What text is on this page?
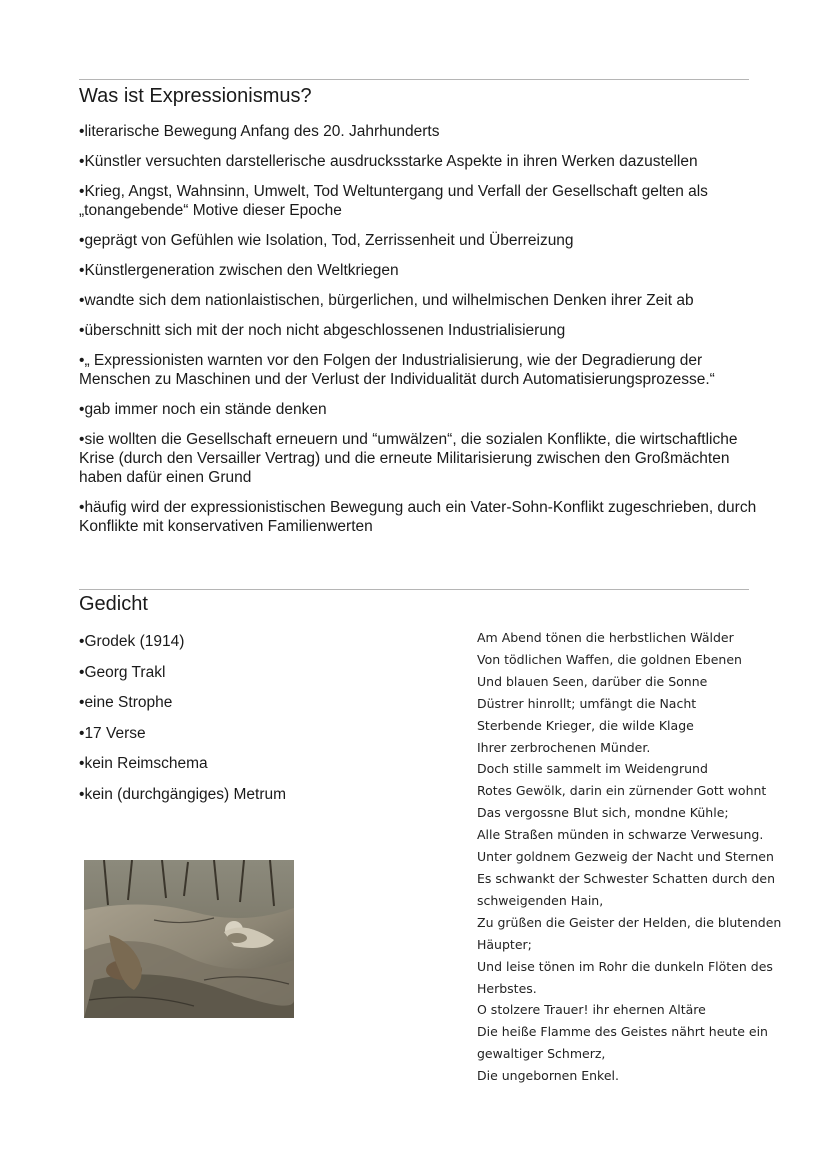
Was ist Expressionismus?
• literarische Bewegung Anfang des 20. Jahrhunderts
• Künstler versuchten darstellerische ausdrucksstarke Aspekte in ihren Werken dazustellen
• Krieg, Angst, Wahnsinn, Umwelt, Tod Weltuntergang und Verfall der Gesellschaft gelten als „tonangebende“ Motive dieser Epoche
• geprägt von Gefühlen wie Isolation, Tod, Zerrissenheit und Überreizung
• Künstlergeneration zwischen den Weltkriegen
• wandte sich dem nationlaistischen, bürgerlichen, und wilhelmischen Denken ihrer Zeit ab
• überschnitt sich mit der noch nicht abgeschlossenen Industrialisierung
• „ Expressionisten warnten vor den Folgen der Industrialisierung, wie der Degradierung der Menschen zu Maschinen und der Verlust der Individualität durch Automatisierungsprozesse.“
• gab immer noch ein stände denken
• sie wollten die Gesellschaft erneuern und “umwälzen“, die sozialen Konflikte, die wirtschaftliche Krise (durch den Versailler Vertrag) und die erneute Militarisierung zwischen den Großmächten haben dafür einen Grund
• häufig wird der expressionistischen Bewegung auch ein Vater-Sohn-Konflikt zugeschrieben, durch Konflikte mit konservativen Familienwerten
Gedicht
• Grodek (1914)
• Georg Trakl
• eine Strophe
• 17 Verse
• kein Reimschema
• kein (durchgängiges) Metrum
Am Abend tönen die herbstlichen Wälder
Von tödlichen Waffen, die goldnen Ebenen
Und blauen Seen, darüber die Sonne
Düstrer hinrollt; umfängt die Nacht
Sterbende Krieger, die wilde Klage
Ihrer zerbrochenen Münder.
Doch stille sammelt im Weidengrund
Rotes Gewölk, darin ein zürnender Gott wohnt
Das vergossne Blut sich, mondne Kühle;
Alle Straßen münden in schwarze Verwesung.
Unter goldnem Gezweig der Nacht und Sternen
Es schwankt der Schwester Schatten durch den
schweigenden Hain,
Zu grüßen die Geister der Helden, die blutenden
Häupter;
Und leise tönen im Rohr die dunkeln Flöten des
Herbstes.
O stolzere Trauer! ihr ehernen Altäre
Die heiße Flamme des Geistes nährt heute ein
gewaltiger Schmerz,
Die ungebornen Enkel.
